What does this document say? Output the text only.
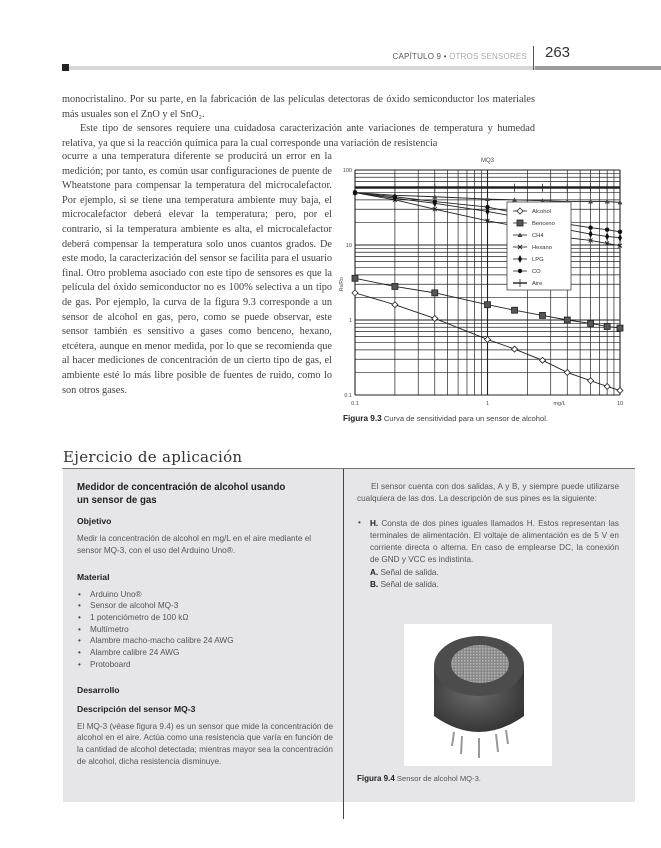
CAPÍTULO 9 • OTROS SENSORES 263
monocristalino. Por su parte, en la fabricación de las películas detectoras de óxido semiconductor los materiales más usuales son el ZnO y el SnO₂.
Este tipo de sensores requiere una cuidadosa caracterización ante variaciones de temperatura y humedad relativa, ya que si la reacción química para la cual corresponde una variación de resistencia
ocurre a una temperatura diferente se producirá un error en la medición; por tanto, es común usar configuraciones de puente de Wheatstone para compensar la temperatura del microcalefactor. Por ejemplo, si se tiene una temperatura ambiente muy baja, el microcalefactor deberá elevar la temperatura; pero, por el contrario, si la temperatura ambiente es alta, el microcalefactor deberá compensar la temperatura solo unos cuantos grados. De este modo, la caracterización del sensor se facilita para el usuario final. Otro problema asociado con este tipo de sensores es que la película del óxido semiconductor no es 100% selectiva a un tipo de gas. Por ejemplo, la curva de la figura 9.3 corresponde a un sensor de alcohol en gas, pero, como se puede observar, este sensor también es sensitivo a gases como benceno, hexano, etcétera, aunque en menor medida, por lo que se recomienda que al hacer mediciones de concentración de un cierto tipo de gas, el ambiente esté lo más libre posible de fuentes de ruido, como lo son otros gases.
MQ3
0.1
1
10
100
0.1	1	10
mg/L
Rs/Ro
Alcohol
Benceno
CH4
Hexano
LPG
CO
Aire
Figura 9.3 Curva de sensitividad para un sensor de alcohol.
Ejercicio de aplicación
Medidor de concentración de alcohol usando un sensor de gas
Objetivo
Medir la concentración de alcohol en mg/L en el aire mediante el sensor MQ-3, con el uso del Arduino Uno®.
Material
• Arduino Uno®
• Sensor de alcohol MQ-3
• 1 potenciómetro de 100 kΩ
• Multímetro
• Alambre macho-macho calibre 24 AWG
• Alambre calibre 24 AWG
• Protoboard
Desarrollo
Descripción del sensor MQ-3
El MQ-3 (véase figura 9.4) es un sensor que mide la concentración de alcohol en el aire. Actúa como una resistencia que varía en función de la cantidad de alcohol detectada; mientras mayor sea la concentración de alcohol, dicha resistencia disminuye.
El sensor cuenta con dos salidas, A y B, y siempre puede utilizarse cualquiera de las dos. La descripción de sus pines es la siguiente:
• H. Consta de dos pines iguales llamados H. Estos representan las terminales de alimentación. El voltaje de alimentación es de 5 V en corriente directa o alterna. En caso de emplearse DC, la conexión de GND y VCC es indistinta.
A. Señal de salida.
B. Señal de salida.
Figura 9.4 Sensor de alcohol MQ-3.
